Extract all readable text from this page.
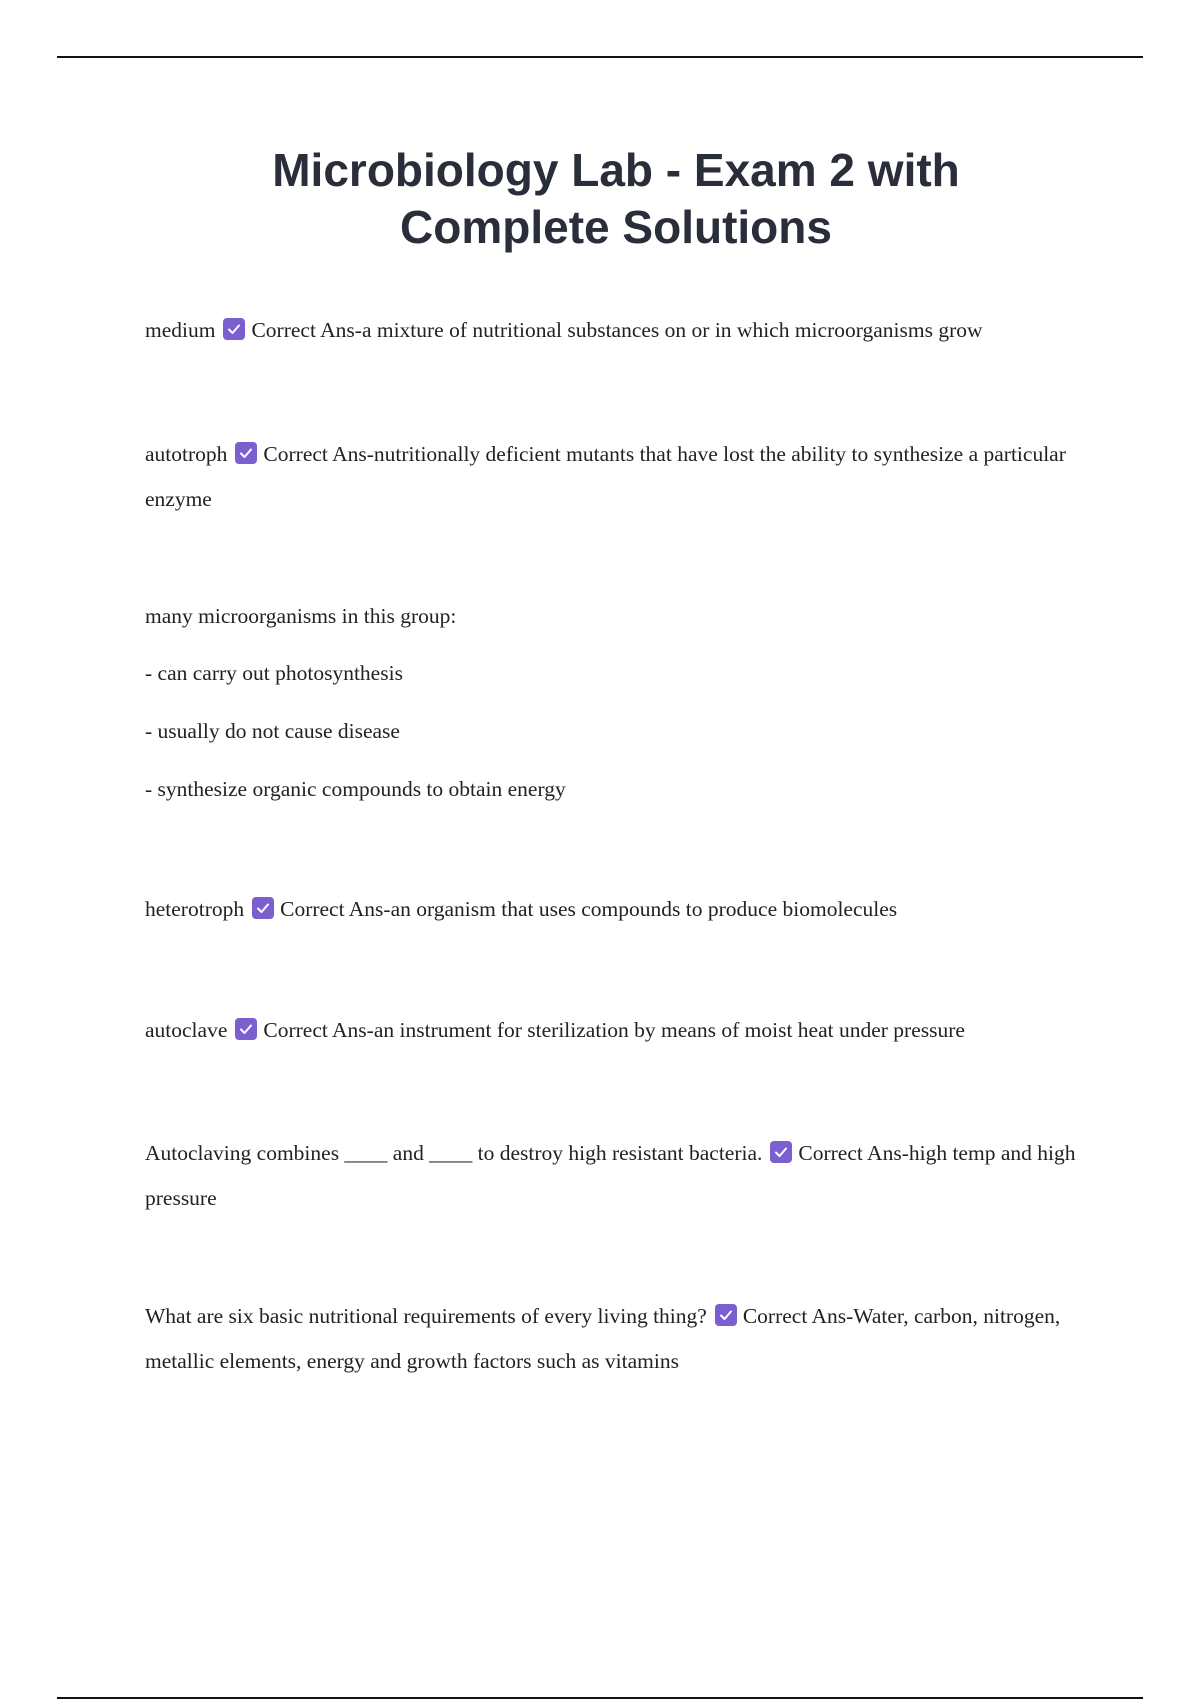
Microbiology Lab - Exam 2 with
Complete Solutions

medium Correct Ans-a mixture of nutritional substances on or in which microorganisms grow

autotroph Correct Ans-nutritionally deficient mutants that have lost the ability to synthesize a particular enzyme

many microorganisms in this group:

- can carry out photosynthesis

- usually do not cause disease

- synthesize organic compounds to obtain energy

heterotroph Correct Ans-an organism that uses compounds to produce biomolecules

autoclave Correct Ans-an instrument for sterilization by means of moist heat under pressure

Autoclaving combines ____ and ____ to destroy high resistant bacteria. Correct Ans-high temp and high pressure

What are six basic nutritional requirements of every living thing? Correct Ans-Water, carbon, nitrogen, metallic elements, energy and growth factors such as vitamins
